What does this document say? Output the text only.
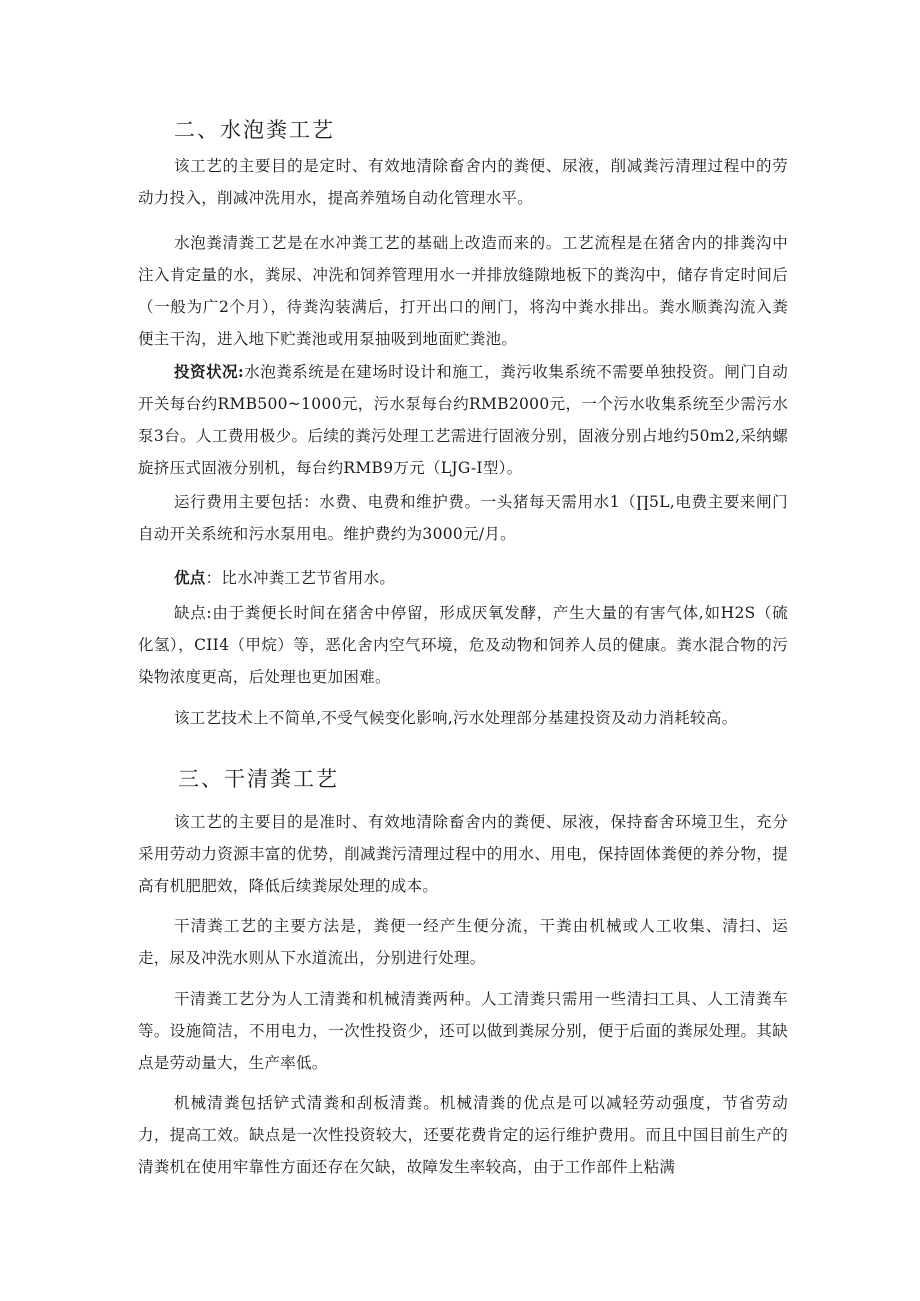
二、水泡粪工艺
该工艺的主要目的是定时、有效地清除畜舍内的粪便、尿液，削减粪污清理过程中的劳动力投入，削减冲洗用水，提高养殖场自动化管理水平。
水泡粪清粪工艺是在水冲粪工艺的基础上改造而来的。工艺流程是在猪舍内的排粪沟中注入肯定量的水，粪尿、冲洗和饲养管理用水一并排放缝隙地板下的粪沟中，储存肯定时间后（一般为广2个月），待粪沟装满后，打开出口的闸门，将沟中粪水排出。粪水顺粪沟流入粪便主干沟，进入地下贮粪池或用泵抽吸到地面贮粪池。
投资状况:水泡粪系统是在建场时设计和施工，粪污收集系统不需要单独投资。闸门自动开关每台约RMB500~1000元，污水泵每台约RMB2000元，一个污水收集系统至少需污水泵3台。人工费用极少。后续的粪污处理工艺需进行固液分别，固液分别占地约50m2,采纳螺旋挤压式固液分别机，每台约RMB9万元（LJG-I型）。
运行费用主要包括：水费、电费和维护费。一头猪每天需用水1（∏5L,电费主要来闸门自动开关系统和污水泵用电。维护费约为3000元/月。
优点：比水冲粪工艺节省用水。
缺点:由于粪便长时间在猪舍中停留，形成厌氧发酵，产生大量的有害气体,如H2S（硫化氢），CII4（甲烷）等，恶化舍内空气环境，危及动物和饲养人员的健康。粪水混合物的污染物浓度更高，后处理也更加困难。
该工艺技术上不简单,不受气候变化影响,污水处理部分基建投资及动力消耗较高。
三、干清粪工艺
该工艺的主要目的是准时、有效地清除畜舍内的粪便、尿液，保持畜舍环境卫生，充分采用劳动力资源丰富的优势，削减粪污清理过程中的用水、用电，保持固体粪便的养分物，提高有机肥肥效，降低后续粪尿处理的成本。
干清粪工艺的主要方法是，粪便一经产生便分流，干粪由机械或人工收集、清扫、运走，尿及冲洗水则从下水道流出，分别进行处理。
干清粪工艺分为人工清粪和机械清粪两种。人工清粪只需用一些清扫工具、人工清粪车等。设施简洁，不用电力，一次性投资少，还可以做到粪尿分别，便于后面的粪尿处理。其缺点是劳动量大，生产率低。
机械清粪包括铲式清粪和刮板清粪。机械清粪的优点是可以减轻劳动强度，节省劳动力，提高工效。缺点是一次性投资较大，还要花费肯定的运行维护费用。而且中国目前生产的清粪机在使用牢靠性方面还存在欠缺，故障发生率较高，由于工作部件上粘满
